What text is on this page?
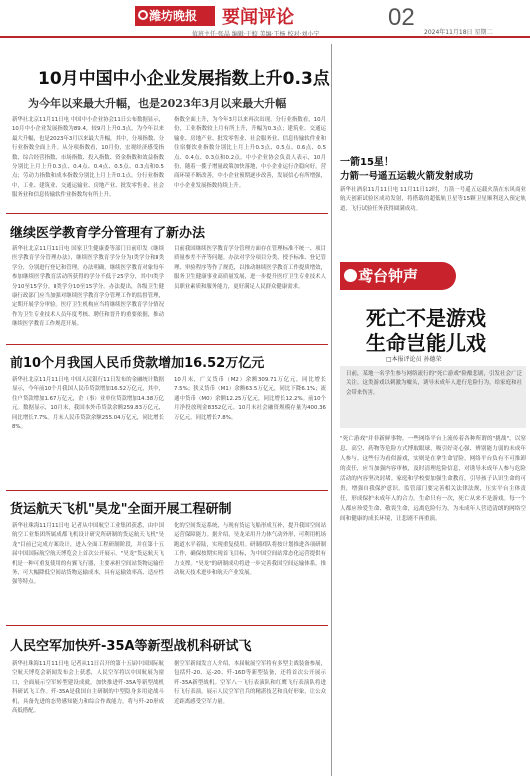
潍坊晚报	要闻评论
值班主任·张晶 编辑·于蛟 美编·王杨 校对·刘小宁
02
2024年11月18日 星期二
10月中国中小企业发展指数上升0.3点
为今年以来最大升幅，也是2023年3月以来最大升幅
新华社北京11月11日电 中国中小企业协会11日公布数据显示，10月中小企业发展指数为89.4，较9月上升0.3点，为今年以来最大升幅，也是2023年3月以来最大升幅，其中，分项指数、分行业指数全面上升。从分项指数看，10月份，宏观经济感受指数、综合经营指数、市场指数、投入指数、资金指数和效益指数分别比上月上升0.3点、0.4点、0.4点、0.5点、0.3点和0.5点；劳动力指数和成本指数分别比上月上升0.1点。分行业指数中，工业、建筑业、交通运输业、房地产业、批发零售业、社会服务业和信息传输软件业指数均有所上升。
指数全面上升，为今年3月以来再次出现。分行业指数看，10月份，工业指数较上月有所上升，升幅为0.3点；建筑业、交通运输业、房地产业、批发零售业、社会服务业、信息传输软件业和住宿餐饮业指数分别比上月上升0.3点、0.5点、0.6点、0.5点、0.4点、0.3点和0.2点。中小企业协会负责人表示，10月份，随着一揽子增量政策加快落地，中小企业运行企稳向好，营商环境不断改善，中小企业预期逐步改善，发展信心有所增强，中小企业发展指数持续上升。
继续医学教育学分管理有了新办法
新华社北京11月11日电 国家卫生健康委等部门日前印发《继续医学教育学分管理办法》，继续医学教育学分分为Ⅰ类学分和Ⅱ类学分，分别进行登记和管理。办法明确，继续医学教育对象每年参加继续医学教育活动所获得的学分不低于25学分，其中Ⅰ类学分10至15学分，Ⅱ类学分10至15学分。办法提出，各级卫生健康行政部门应当加强对继续医学教育学分管理工作的监督管理，定期开展学分审验。医疗卫生机构应当将继续医学教育学分情况作为卫生专业技术人员年度考核、聘任和晋升的重要依据，推动继续医学教育工作规范开展。
目前我国继续医学教育学分管理方面存在管理标准不统一、项目质量参差不齐等问题。办法对学分项目分类、授予标准、登记管理、审验程序等作了规范，以推动继续医学教育工作提质增效，服务卫生健康事业高质量发展，进一步提升医疗卫生专业技术人员职业素质和服务能力，更好满足人民群众健康需求。
前10个月我国人民币贷款增加16.52万亿元
新华社北京11月11日电 中国人民银行11日发布的金融统计数据显示，今年前10个月我国人民币贷款增加16.52万亿元，其中，住户贷款增加1.67万亿元，企（事）业单位贷款增加14.38万亿元。数据显示，10月末，我国本外币贷款余额259.83万亿元，同比增长7.7%。月末人民币贷款余额255.04万亿元，同比增长8%。
10月末，广义货币（M2）余额309.71万亿元，同比增长7.5%；狭义货币（M1）余额63.5万亿元，同比下降6.1%；流通中货币（M0）余额12.25万亿元，同比增长12.2%。前10个月净投放现金8352亿元。10月末社会融资规模存量为400.36万亿元，同比增长7.8%。
货运航天飞机"昊龙"全面开展工程研制
新华社珠海11月11日电 记者从中国航空工业集团获悉，由中国航空工业集团所属成都飞机设计研究所研制的货运航天飞机"昊龙"目前已完成方案设计，进入全面工程研制阶段，并在第十五届中国国际航空航天博览会上首次公开展示。"昊龙"货运航天飞机是一种可重复使用的有翼飞行器，主要承担空间站货物运输任务，可大幅降低空间站货物运输成本，具有运输效率高、适应性强等特点。
化的空间货运系统，与现有货运飞船形成互补，提升我国空间站运营保障能力。据介绍，昊龙采用升力体气动外形，可利用机场跑道水平着陆，实现重复使用。研制团队将按计划推进各项研制工作，确保按期实现首飞目标，为中国空间站常态化运营提供有力支撑。"昊龙"的研制成功将进一步完善我国空间运输体系，推动航天技术进步和航天产业发展。
人民空军加快歼-35A等新型战机科研试飞
新华社珠海11月11日电 记者从11日召开的第十五届中国国际航空航天博览会新闻发布会上获悉，人民空军将以中国航展为窗口，全面展示空军转型建设成就，加快推进歼-35A等新型战机科研试飞工作。歼-35A是我国自主研制的中型隐身多用途战斗机，具备先进的态势感知能力和综合作战能力，将与歼-20形成高低搭配。
据空军新闻发言人介绍，本届航展空军将有多型主战装备参展，包括歼-20、运-20、歼-16D等新型装备，还将首次公开展示歼-35A新型战机。空军八一飞行表演队和红鹰飞行表演队将进行飞行表演，展示人民空军官兵的精湛技艺和良好形象，让公众近距离感受空军力量。
一箭15星！
力箭一号遥五运载火箭发射成功
新华社酒泉11月11日电 11月11日12时，力箭一号遥五运载火箭在东风商业航天创新试验区成功发射，将搭载的超低轨卫星等15颗卫星顺利送入预定轨道，飞行试验任务获得圆满成功。
鸢台钟声
死亡不是游戏
生命岂能儿戏
□本报评论员 孙德荣
日前，某地一名学生参与网络流行的"死亡游戏"险酿悲剧，引发社会广泛关注。这类游戏以刺激为噱头，诱导未成年人进行危险行为，给家庭和社会带来伤害。
"死亡游戏"并非新鲜事物。一些网络平台上流传着各种所谓的"挑战"，以窒息、高空、药物等危险方式博取眼球，吸引好奇心强、辨别能力弱的未成年人参与。这些行为看似游戏，实则是在拿生命冒险。网络平台负有不可推卸的责任，应当加强内容审核，及时清理危险信息，对诱导未成年人参与危险活动的内容坚决封堵。家庭和学校要加强生命教育，引导孩子认识生命的可贵，增强自我保护意识。监管部门要完善相关法律法规，压实平台主体责任，形成保护未成年人的合力。生命只有一次，死亡从来不是游戏。每一个人都应珍爱生命、敬畏生命，远离危险行为，为未成年人营造清朗的网络空间和健康的成长环境，让悲剧不再重演。
